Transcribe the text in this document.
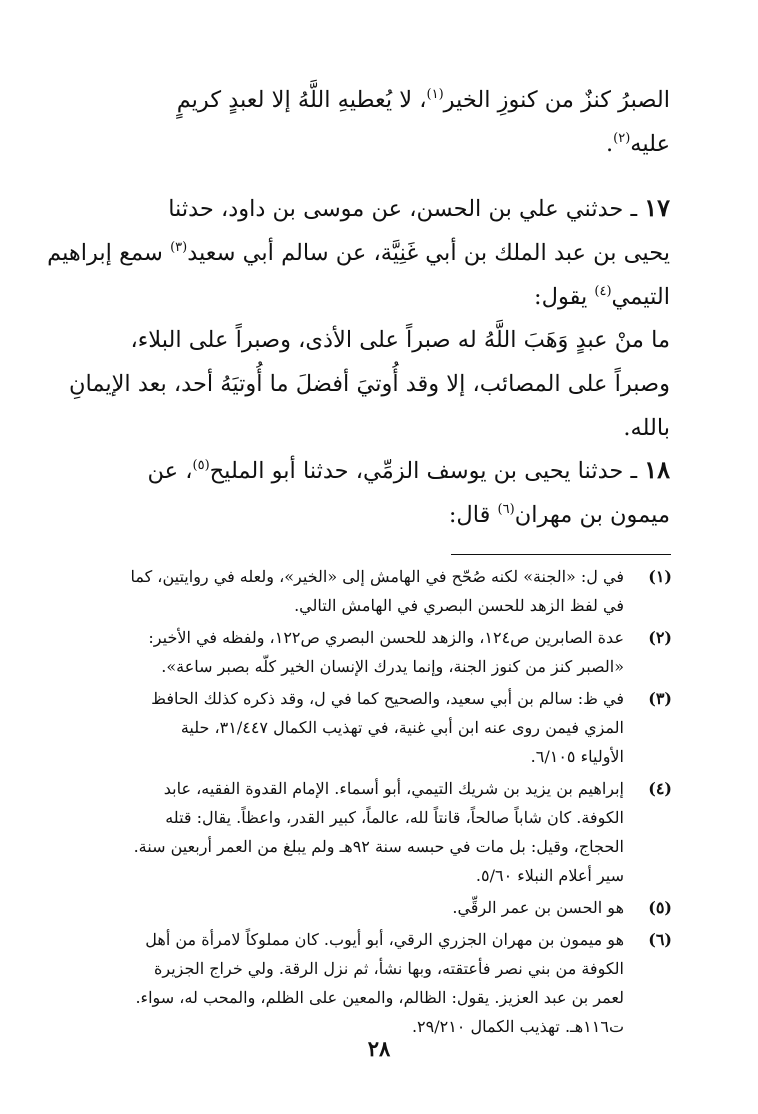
الصبرُ كنزٌ من كنوزِ الخير$^{(١)}$، لا يُعطيهِ اللَّهُ إلا لعبدٍ كريمٍ
عليه$^{(٢)}$.
١٧ ـ حدثني علي بن الحسن، عن موسى بن داود، حدثنا
يحيى بن عبد الملك بن أبي غَنِيَّة، عن سالم أبي سعيد$^{(٣)}$ سمع إبراهيم
التيمي$^{(٤)}$ يقول:
ما منْ عبدٍ وَهَبَ اللَّهُ له صبراً على الأذى، وصبراً على البلاء،
وصبراً على المصائب، إلا وقد أُوتيَ أفضلَ ما أُوتيَهُ أحد، بعد الإيمانِ
بالله.
١٨ ـ حدثنا يحيى بن يوسف الزمِّي، حدثنا أبو المليح$^{(٥)}$، عن
ميمون بن مهران$^{(٦)}$ قال:
(١)
في ل: «الجنة» لكنه صُحّح في الهامش إلى «الخير»، ولعله في روايتين، كما
في لفظ الزهد للحسن البصري في الهامش التالي.
(٢)
عدة الصابرين ص١٢٤، والزهد للحسن البصري ص١٢٢، ولفظه في الأخير:
«الصبر كنز من كنوز الجنة، وإنما يدرك الإنسان الخير كلّه بصبر ساعة».
(٣)
في ظ: سالم بن أبي سعيد، والصحيح كما في ل، وقد ذكره كذلك الحافظ
المزي فيمن روى عنه ابن أبي غنية، في تهذيب الكمال ٣١/٤٤٧، حلية
الأولياء ٦/١٠٥.
(٤)
إبراهيم بن يزيد بن شريك التيمي، أبو أسماء. الإمام القدوة الفقيه، عابد
الكوفة. كان شاباً صالحاً، قانتاً لله، عالماً، كبير القدر، واعظاً. يقال: قتله
الحجاج، وقيل: بل مات في حبسه سنة ٩٢هـ ولم يبلغ من العمر أربعين سنة.
سير أعلام النبلاء ٥/٦٠.
(٥)
هو الحسن بن عمر الرقِّي.
(٦)
هو ميمون بن مهران الجزري الرقي، أبو أيوب. كان مملوكاً لامرأة من أهل
الكوفة من بني نصر فأعتقته، وبها نشأ، ثم نزل الرقة. ولي خراج الجزيرة
لعمر بن عبد العزيز. يقول: الظالم، والمعين على الظلم، والمحب له، سواء.
ت١١٦هـ. تهذيب الكمال ٢٩/٢١٠.
٢٨
